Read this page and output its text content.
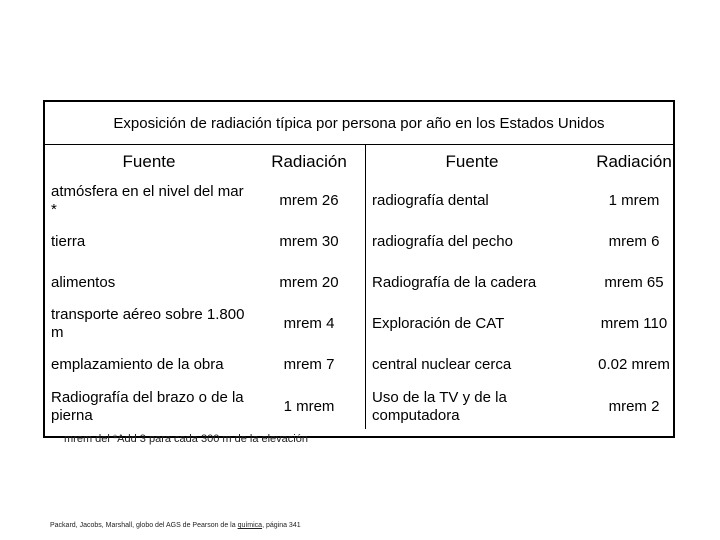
Exposición de radiación típica por persona por año en los Estados Unidos
Fuente	Radiación	Fuente	Radiación
atmósfera en el nivel del mar *	mrem 26	radiografía dental	1 mrem
tierra	mrem 30	radiografía del pecho	mrem 6
alimentos	mrem 20	Radiografía de la cadera	mrem 65
transporte aéreo sobre 1.800 m	mrem 4	Exploración de CAT	mrem 110
emplazamiento de la obra	mrem 7	central nuclear cerca	0.02 mrem
Radiografía del brazo o de la pierna	1 mrem	Uso de la TV y de la computadora	mrem 2
mrem del *Add 3 para cada 300 m de la elevación
Packard, Jacobs, Marshall, globo del AGS de Pearson de la química, página 341
